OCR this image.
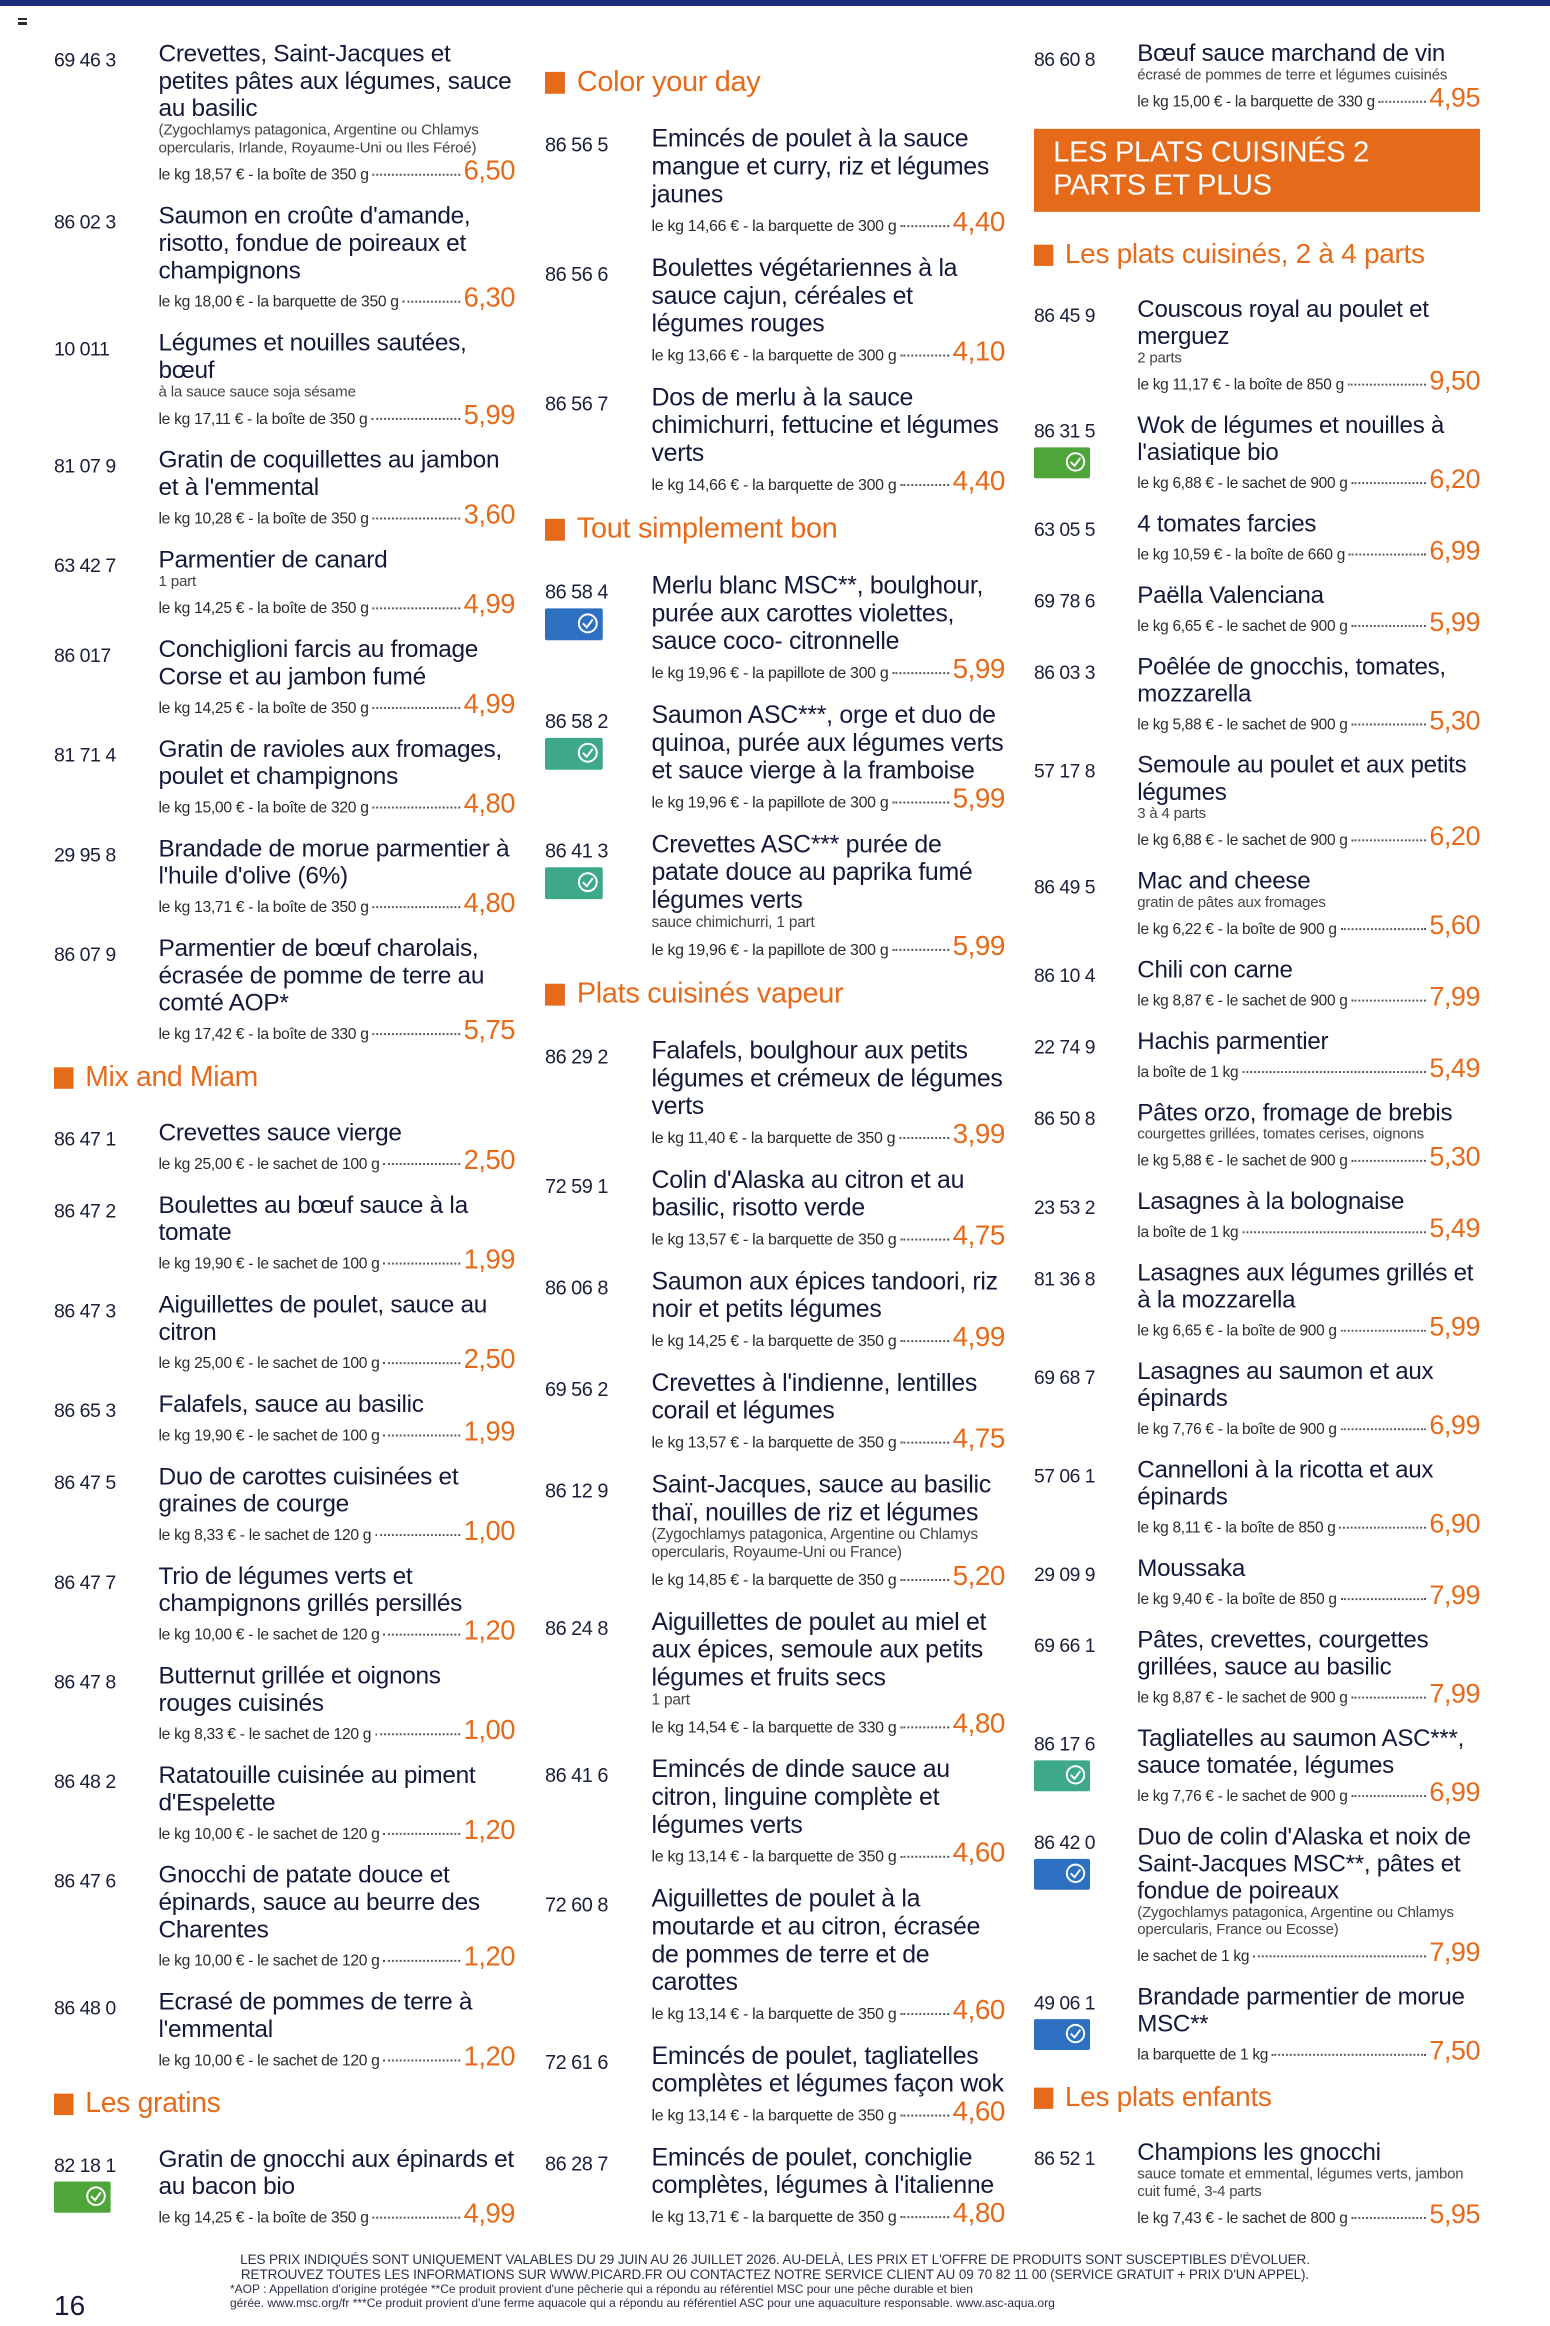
69 46 3	Crevettes, Saint-Jacques et petites pâtes aux légumes, sauce au basilic
(Zygochlamys patagonica, Argentine ou Chlamys opercularis, Irlande, Royaume-Uni ou Iles Féroé)
le kg 18,57 € - la boîte de 350 g	6,50
86 02 3	Saumon en croûte d'amande, risotto, fondue de poireaux et champignons
le kg 18,00 € - la barquette de 350 g 6,30
10 011	Légumes et nouilles sautées, bœuf
à la sauce sauce soja sésame
le kg 17,11 € - la boîte de 350 g	5,99
81 07 9	Gratin de coquillettes au jambon et à l'emmental
le kg 10,28 € - la boîte de 350 g	3,60
63 42 7	Parmentier de canard
1 part
le kg 14,25 € - la boîte de 350 g	4,99
86 017	Conchiglioni farcis au fromage Corse et au jambon fumé
le kg 14,25 € - la boîte de 350 g	4,99
81 71 4	Gratin de ravioles aux fromages, poulet et champignons
le kg 15,00 € - la boîte de 320 g	4,80
29 95 8	Brandade de morue parmentier à l'huile d'olive (6%)
le kg 13,71 € - la boîte de 350 g	4,80
86 07 9	Parmentier de bœuf charolais, écrasée de pomme de terre au comté AOP*
le kg 17,42 € - la boîte de 330 g	5,75
Mix and Miam
86 47 1	Crevettes sauce vierge
le kg 25,00 € - le sachet de 100 g	2,50
86 47 2	Boulettes au bœuf sauce à la tomate
le kg 19,90 € - le sachet de 100 g	1,99
86 47 3	Aiguillettes de poulet, sauce au citron
le kg 25,00 € - le sachet de 100 g	2,50
86 65 3	Falafels, sauce au basilic
le kg 19,90 € - le sachet de 100 g	1,99
86 47 5	Duo de carottes cuisinées et graines de courge
le kg 8,33 € - le sachet de 120 g	1,00
86 47 7	Trio de légumes verts et champignons grillés persillés
le kg 10,00 € - le sachet de 120 g	1,20
86 47 8	Butternut grillée et oignons rouges cuisinés
le kg 8,33 € - le sachet de 120 g	1,00
86 48 2	Ratatouille cuisinée au piment d'Espelette
le kg 10,00 € - le sachet de 120 g	1,20
86 47 6	Gnocchi de patate douce et épinards, sauce au beurre des Charentes
le kg 10,00 € - le sachet de 120 g	1,20
86 48 0	Ecrasé de pommes de terre à l'emmental
le kg 10,00 € - le sachet de 120 g	1,20
Les gratins
82 18 1	Gratin de gnocchi aux épinards et au bacon bio
le kg 14,25 € - la boîte de 350 g	4,99
Color your day
86 56 5	Emincés de poulet à la sauce mangue et curry, riz et légumes jaunes
le kg 14,66 € - la barquette de 300 g 4,40
86 56 6	Boulettes végétariennes à la sauce cajun, céréales et légumes rouges
le kg 13,66 € - la barquette de 300 g 4,10
86 56 7	Dos de merlu à la sauce chimichurri, fettucine et légumes verts
le kg 14,66 € - la barquette de 300 g 4,40
Tout simplement bon
86 58 4	Merlu blanc MSC**, boulghour, purée aux carottes violettes, sauce coco- citronnelle
le kg 19,96 € - la papillote de 300 g 5,99
86 58 2	Saumon ASC***, orge et duo de quinoa, purée aux légumes verts et sauce vierge à la framboise
le kg 19,96 € - la papillote de 300 g 5,99
86 41 3	Crevettes ASC*** purée de patate douce au paprika fumé légumes verts
sauce chimichurri, 1 part
le kg 19,96 € - la papillote de 300 g 5,99
Plats cuisinés vapeur
86 29 2	Falafels, boulghour aux petits légumes et crémeux de légumes verts
le kg 11,40 € - la barquette de 350 g 3,99
72 59 1	Colin d'Alaska au citron et au basilic, risotto verde
le kg 13,57 € - la barquette de 350 g 4,75
86 06 8	Saumon aux épices tandoori, riz noir et petits légumes
le kg 14,25 € - la barquette de 350 g 4,99
69 56 2	Crevettes à l'indienne, lentilles corail et légumes
le kg 13,57 € - la barquette de 350 g 4,75
86 12 9	Saint-Jacques, sauce au basilic thaï, nouilles de riz et légumes
(Zygochlamys patagonica, Argentine ou Chlamys opercularis, Royaume-Uni ou France)
le kg 14,85 € - la barquette de 350 g 5,20
86 24 8	Aiguillettes de poulet au miel et aux épices, semoule aux petits légumes et fruits secs
1 part
le kg 14,54 € - la barquette de 330 g 4,80
86 41 6	Emincés de dinde sauce au citron, linguine complète et légumes verts
le kg 13,14 € - la barquette de 350 g 4,60
72 60 8	Aiguillettes de poulet à la moutarde et au citron, écrasée de pommes de terre et de carottes
le kg 13,14 € - la barquette de 350 g 4,60
72 61 6	Emincés de poulet, tagliatelles complètes et légumes façon wok
le kg 13,14 € - la barquette de 350 g 4,60
86 28 7	Emincés de poulet, conchiglie complètes, légumes à l'italienne
le kg 13,71 € - la barquette de 350 g 4,80
86 60 8	Bœuf sauce marchand de vin
écrasé de pommes de terre et légumes cuisinés
le kg 15,00 € - la barquette de 330 g 4,95
LES PLATS CUISINÉS 2 PARTS ET PLUS
Les plats cuisinés, 2 à 4 parts
86 45 9	Couscous royal au poulet et merguez
2 parts
le kg 11,17 € - la boîte de 850 g	9,50
86 31 5	Wok de légumes et nouilles à l'asiatique bio
le kg 6,88 € - le sachet de 900 g	6,20
63 05 5	4 tomates farcies
le kg 10,59 € - la boîte de 660 g	6,99
69 78 6	Paëlla Valenciana
le kg 6,65 € - le sachet de 900 g	5,99
86 03 3	Poêlée de gnocchis, tomates, mozzarella
le kg 5,88 € - le sachet de 900 g	5,30
57 17 8	Semoule au poulet et aux petits légumes
3 à 4 parts
le kg 6,88 € - le sachet de 900 g	6,20
86 49 5	Mac and cheese
gratin de pâtes aux fromages
le kg 6,22 € - la boîte de 900 g	5,60
86 10 4	Chili con carne
le kg 8,87 € - le sachet de 900 g	7,99
22 74 9	Hachis parmentier
la boîte de 1 kg	5,49
86 50 8	Pâtes orzo, fromage de brebis
courgettes grillées, tomates cerises, oignons
le kg 5,88 € - le sachet de 900 g	5,30
23 53 2	Lasagnes à la bolognaise
la boîte de 1 kg	5,49
81 36 8	Lasagnes aux légumes grillés et à la mozzarella
le kg 6,65 € - la boîte de 900 g	5,99
69 68 7	Lasagnes au saumon et aux épinards
le kg 7,76 € - la boîte de 900 g	6,99
57 06 1	Cannelloni à la ricotta et aux épinards
le kg 8,11 € - la boîte de 850 g	6,90
29 09 9	Moussaka
le kg 9,40 € - la boîte de 850 g	7,99
69 66 1	Pâtes, crevettes, courgettes grillées, sauce au basilic
le kg 8,87 € - le sachet de 900 g	7,99
86 17 6	Tagliatelles au saumon ASC***, sauce tomatée, légumes
le kg 7,76 € - le sachet de 900 g	6,99
86 42 0	Duo de colin d'Alaska et noix de Saint-Jacques MSC**, pâtes et fondue de poireaux
(Zygochlamys patagonica, Argentine ou Chlamys opercularis, France ou Ecosse)
le sachet de 1 kg	7,99
49 06 1	Brandade parmentier de morue MSC**
la barquette de 1 kg	7,50
Les plats enfants
86 52 1	Champions les gnocchi
sauce tomate et emmental, légumes verts, jambon cuit fumé, 3-4 parts
le kg 7,43 € - le sachet de 800 g	5,95
LES PRIX INDIQUÉS SONT UNIQUEMENT VALABLES DU 29 JUIN AU 26 JUILLET 2026. AU-DELÀ, LES PRIX ET L'OFFRE DE PRODUITS SONT SUSCEPTIBLES D'ÉVOLUER.
RETROUVEZ TOUTES LES INFORMATIONS SUR WWW.PICARD.FR OU CONTACTEZ NOTRE SERVICE CLIENT AU 09 70 82 11 00 (SERVICE GRATUIT + PRIX D'UN APPEL).
*AOP : Appellation d'origine protégée **Ce produit provient d'une pêcherie qui a répondu au référentiel MSC pour une pêche durable et bien
gérée. www.msc.org/fr ***Ce produit provient d'une ferme aquacole qui a répondu au référentiel ASC pour une aquaculture responsable. www.asc-aqua.org
16
